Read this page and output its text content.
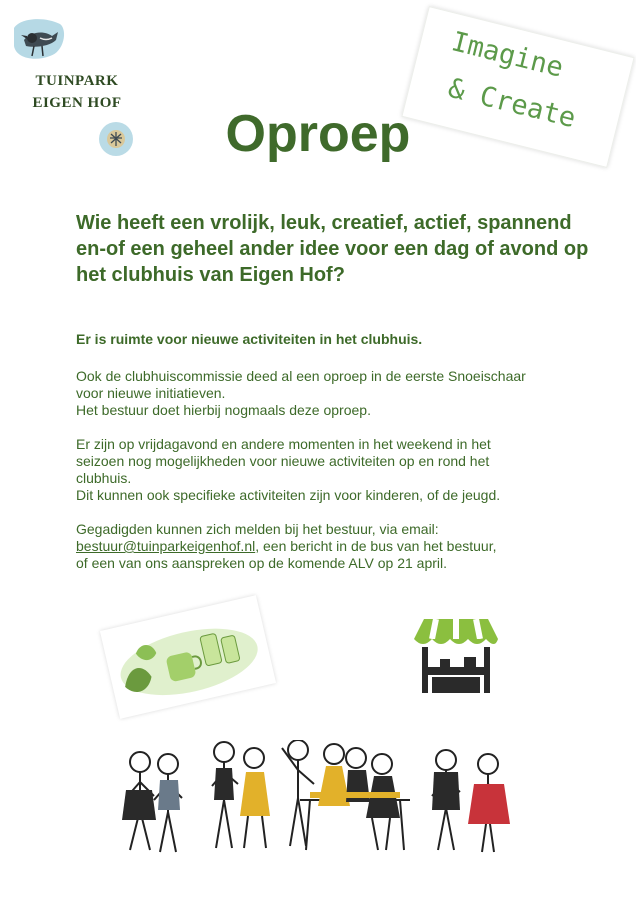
TUINPARK
EIGEN HOF
Imagine
& Create
Oproep
Wie heeft een vrolijk, leuk, creatief, actief, spannend en-of een geheel ander idee voor een dag of avond op het clubhuis van Eigen Hof?
Er is ruimte voor nieuwe activiteiten in het clubhuis.
Ook de clubhuiscommissie deed al een oproep in de eerste Snoeischaar
voor nieuwe initiatieven.
Het bestuur doet hierbij nogmaals deze oproep.
Er zijn op vrijdagavond en andere momenten in het weekend in het
seizoen nog mogelijkheden voor nieuwe activiteiten op en rond het
clubhuis.
Dit kunnen ook specifieke activiteiten zijn voor kinderen, of de jeugd.
Gegadigden kunnen zich melden bij het bestuur, via email:
bestuur@tuinparkeigenhof.nl, een bericht in de bus van het bestuur,
of een van ons aanspreken op de komende ALV op 21 april.
